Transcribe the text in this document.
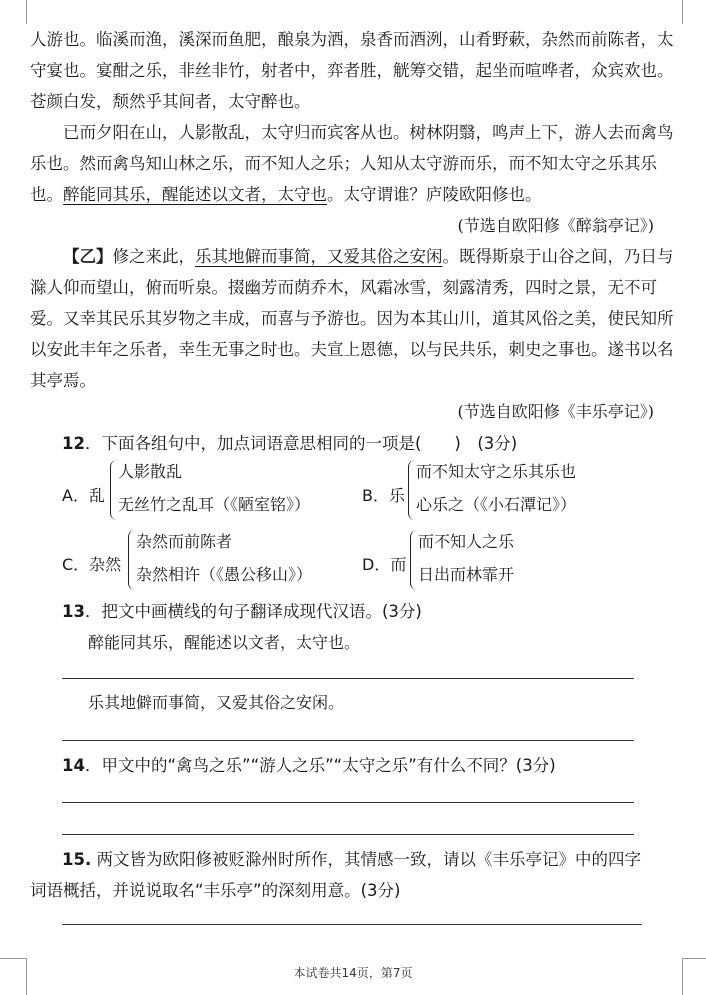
人游也。临溪而渔，溪深而鱼肥，酿泉为酒，泉香而酒洌，山肴野蔌，杂然而前陈者，太守宴也。宴酣之乐，非丝非竹，射者中，弈者胜，觥筹交错，起坐而喧哗者，众宾欢也。苍颜白发，颓然乎其间者，太守醉也。

已而夕阳在山，人影散乱，太守归而宾客从也。树林阴翳，鸣声上下，游人去而禽鸟乐也。然而禽鸟知山林之乐，而不知人之乐；人知从太守游而乐，而不知太守之乐其乐也。醉能同其乐，醒能述以文者，太守也。太守谓谁？庐陵欧阳修也。

(节选自欧阳修《醉翁亭记》)

【乙】修之来此，乐其地僻而事简，又爱其俗之安闲。既得斯泉于山谷之间，乃日与滁人仰而望山，俯而听泉。掇幽芳而荫乔木，风霜冰雪，刻露清秀，四时之景，无不可爱。又幸其民乐其岁物之丰成，而喜与予游也。因为本其山川，道其风俗之美，使民知所以安此丰年之乐者，幸生无事之时也。夫宣上恩德，以与民共乐，刺史之事也。遂书以名其亭焉。

(节选自欧阳修《丰乐亭记》)
12．下面各组句中，加点词语意思相同的一项是(　　)　(3分)
A．乱
人影散乱
无丝竹之乱耳（《陋室铭》）	B．乐
而不知太守之乐其乐也
心乐之（《小石潭记》）
C．杂然
杂然而前陈者
杂然相许（《愚公移山》）
D．而
而不知人之乐
日出而林霏开
13．把文中画横线的句子翻译成现代汉语。(3分)
醉能同其乐，醒能述以文者，太守也。
乐其地僻而事简，又爱其俗之安闲。
14．甲文中的“禽鸟之乐”“游人之乐”“太守之乐”有什么不同？(3分)
15. 两文皆为欧阳修被贬滁州时所作，其情感一致，请以《丰乐亭记》中的四字
词语概括，并说说取名“丰乐亭”的深刻用意。(3分)
本试卷共14页，第7页
